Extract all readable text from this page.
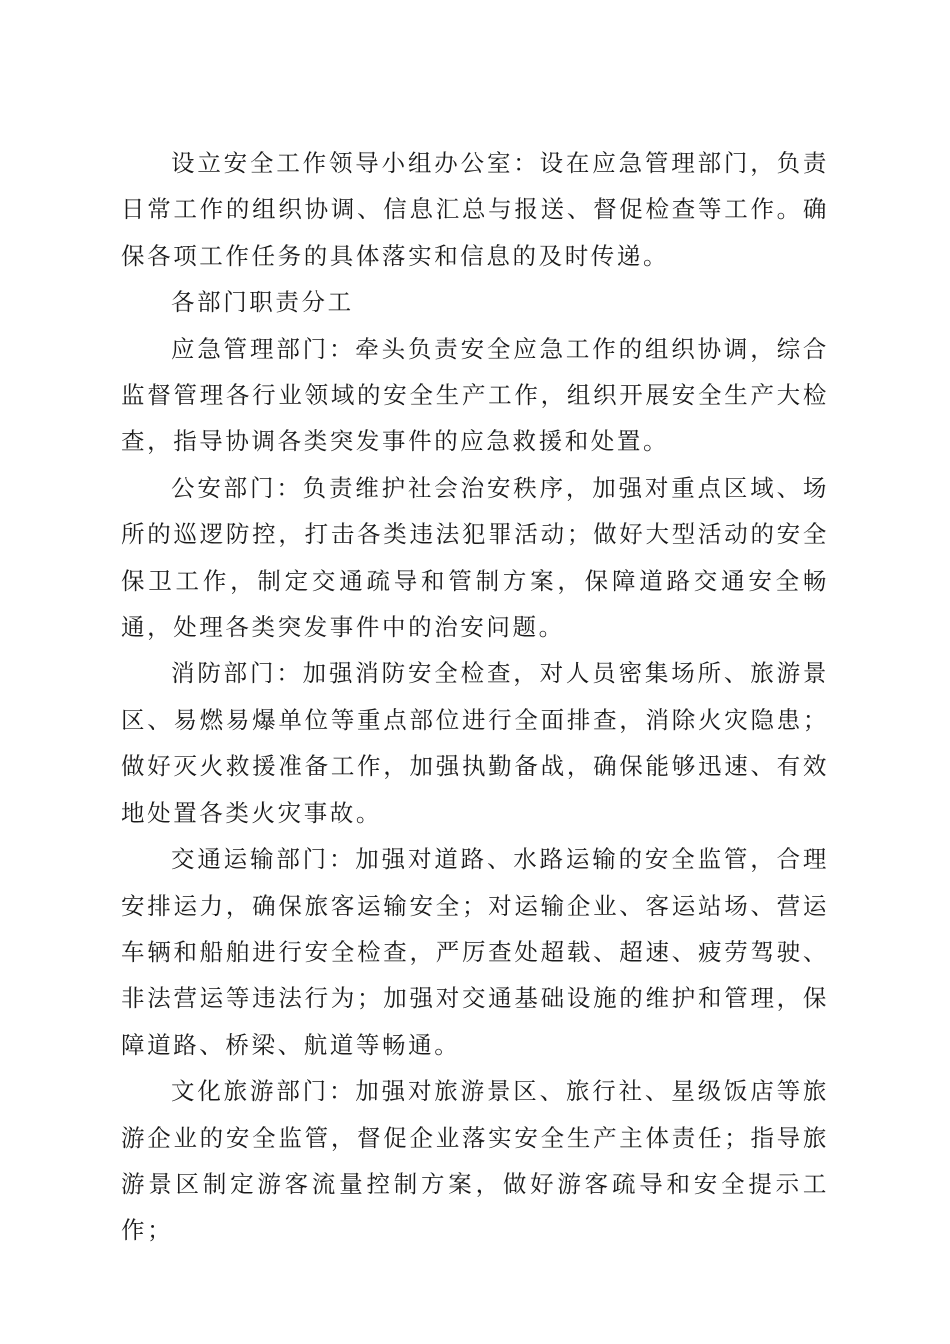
设立安全工作领导小组办公室：设在应急管理部门，负责日常工作的组织协调、信息汇总与报送、督促检查等工作。确保各项工作任务的具体落实和信息的及时传递。

各部门职责分工

应急管理部门：牵头负责安全应急工作的组织协调，综合监督管理各行业领域的安全生产工作，组织开展安全生产大检查，指导协调各类突发事件的应急救援和处置。

公安部门：负责维护社会治安秩序，加强对重点区域、场所的巡逻防控，打击各类违法犯罪活动；做好大型活动的安全保卫工作，制定交通疏导和管制方案，保障道路交通安全畅通，处理各类突发事件中的治安问题。

消防部门：加强消防安全检查，对人员密集场所、旅游景区、易燃易爆单位等重点部位进行全面排查，消除火灾隐患；做好灭火救援准备工作，加强执勤备战，确保能够迅速、有效地处置各类火灾事故。

交通运输部门：加强对道路、水路运输的安全监管，合理安排运力，确保旅客运输安全；对运输企业、客运站场、营运车辆和船舶进行安全检查，严厉查处超载、超速、疲劳驾驶、非法营运等违法行为；加强对交通基础设施的维护和管理，保障道路、桥梁、航道等畅通。

文化旅游部门：加强对旅游景区、旅行社、星级饭店等旅游企业的安全监管，督促企业落实安全生产主体责任；指导旅游景区制定游客流量控制方案，做好游客疏导和安全提示工作；
